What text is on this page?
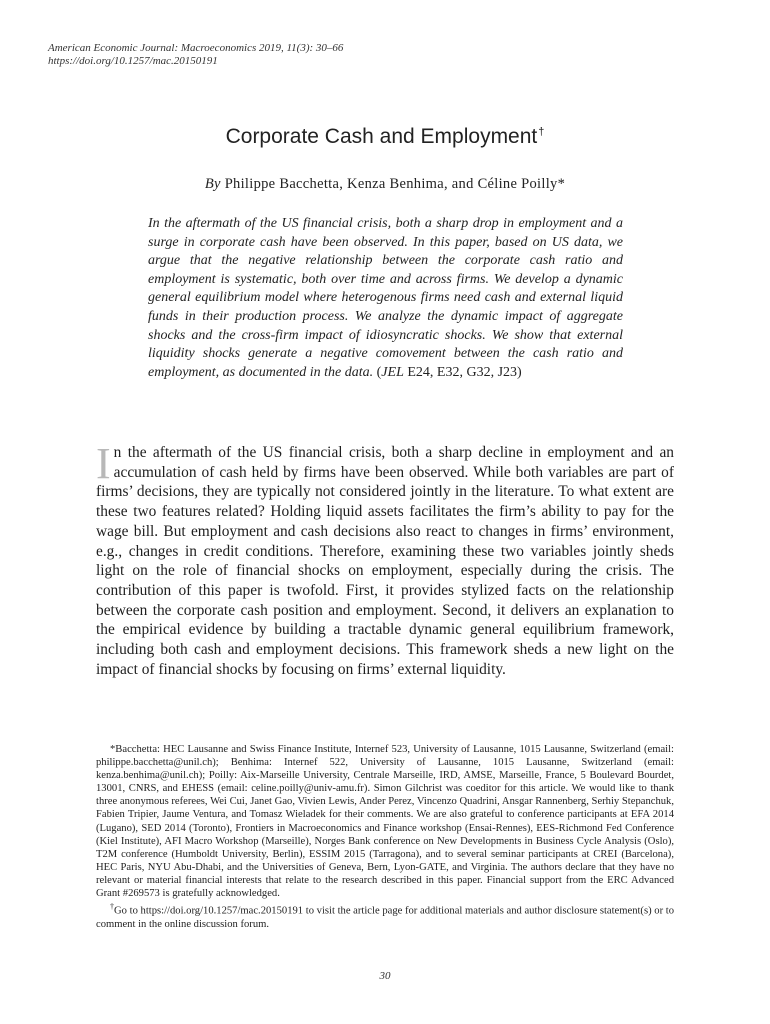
American Economic Journal: Macroeconomics 2019, 11(3): 30–66
https://doi.org/10.1257/mac.20150191
Corporate Cash and Employment†
By Philippe Bacchetta, Kenza Benhima, and Céline Poilly*
In the aftermath of the US financial crisis, both a sharp drop in employment and a surge in corporate cash have been observed. In this paper, based on US data, we argue that the negative relationship between the corporate cash ratio and employment is systematic, both over time and across firms. We develop a dynamic general equilibrium model where heterogenous firms need cash and external liquid funds in their production process. We analyze the dynamic impact of aggregate shocks and the cross-firm impact of idiosyncratic shocks. We show that external liquidity shocks generate a negative comovement between the cash ratio and employment, as documented in the data. (JEL E24, E32, G32, J23)
In the aftermath of the US financial crisis, both a sharp decline in employment and an accumulation of cash held by firms have been observed. While both variables are part of firms’ decisions, they are typically not considered jointly in the literature. To what extent are these two features related? Holding liquid assets facilitates the firm’s ability to pay for the wage bill. But employment and cash decisions also react to changes in firms’ environment, e.g., changes in credit conditions. Therefore, examining these two variables jointly sheds light on the role of financial shocks on employment, especially during the crisis. The contribution of this paper is twofold. First, it provides stylized facts on the relationship between the corporate cash position and employment. Second, it delivers an explanation to the empirical evidence by building a tractable dynamic general equilibrium framework, including both cash and employment decisions. This framework sheds a new light on the impact of financial shocks by focusing on firms’ external liquidity.

*Bacchetta: HEC Lausanne and Swiss Finance Institute, Internef 523, University of Lausanne, 1015 Lausanne, Switzerland (email: philippe.bacchetta@unil.ch); Benhima: Internef 522, University of Lausanne, 1015 Lausanne, Switzerland (email: kenza.benhima@unil.ch); Poilly: Aix-Marseille University, Centrale Marseille, IRD, AMSE, Marseille, France, 5 Boulevard Bourdet, 13001, CNRS, and EHESS (email: celine.poilly@univ-amu.fr). Simon Gilchrist was coeditor for this article. We would like to thank three anonymous referees, Wei Cui, Janet Gao, Vivien Lewis, Ander Perez, Vincenzo Quadrini, Ansgar Rannenberg, Serhiy Stepanchuk, Fabien Tripier, Jaume Ventura, and Tomasz Wieladek for their comments. We are also grateful to conference participants at EFA 2014 (Lugano), SED 2014 (Toronto), Frontiers in Macroeconomics and Finance workshop (Ensai-Rennes), EES-Richmond Fed Conference (Kiel Institute), AFI Macro Workshop (Marseille), Norges Bank conference on New Developments in Business Cycle Analysis (Oslo), T2M conference (Humboldt University, Berlin), ESSIM 2015 (Tarragona), and to several seminar participants at CREI (Barcelona), HEC Paris, NYU Abu-Dhabi, and the Universities of Geneva, Bern, Lyon-GATE, and Virginia. The authors declare that they have no relevant or material financial interests that relate to the research described in this paper. Financial support from the ERC Advanced Grant #269573 is gratefully acknowledged.

†Go to https://doi.org/10.1257/mac.20150191 to visit the article page for additional materials and author disclosure statement(s) or to comment in the online discussion forum.

30
